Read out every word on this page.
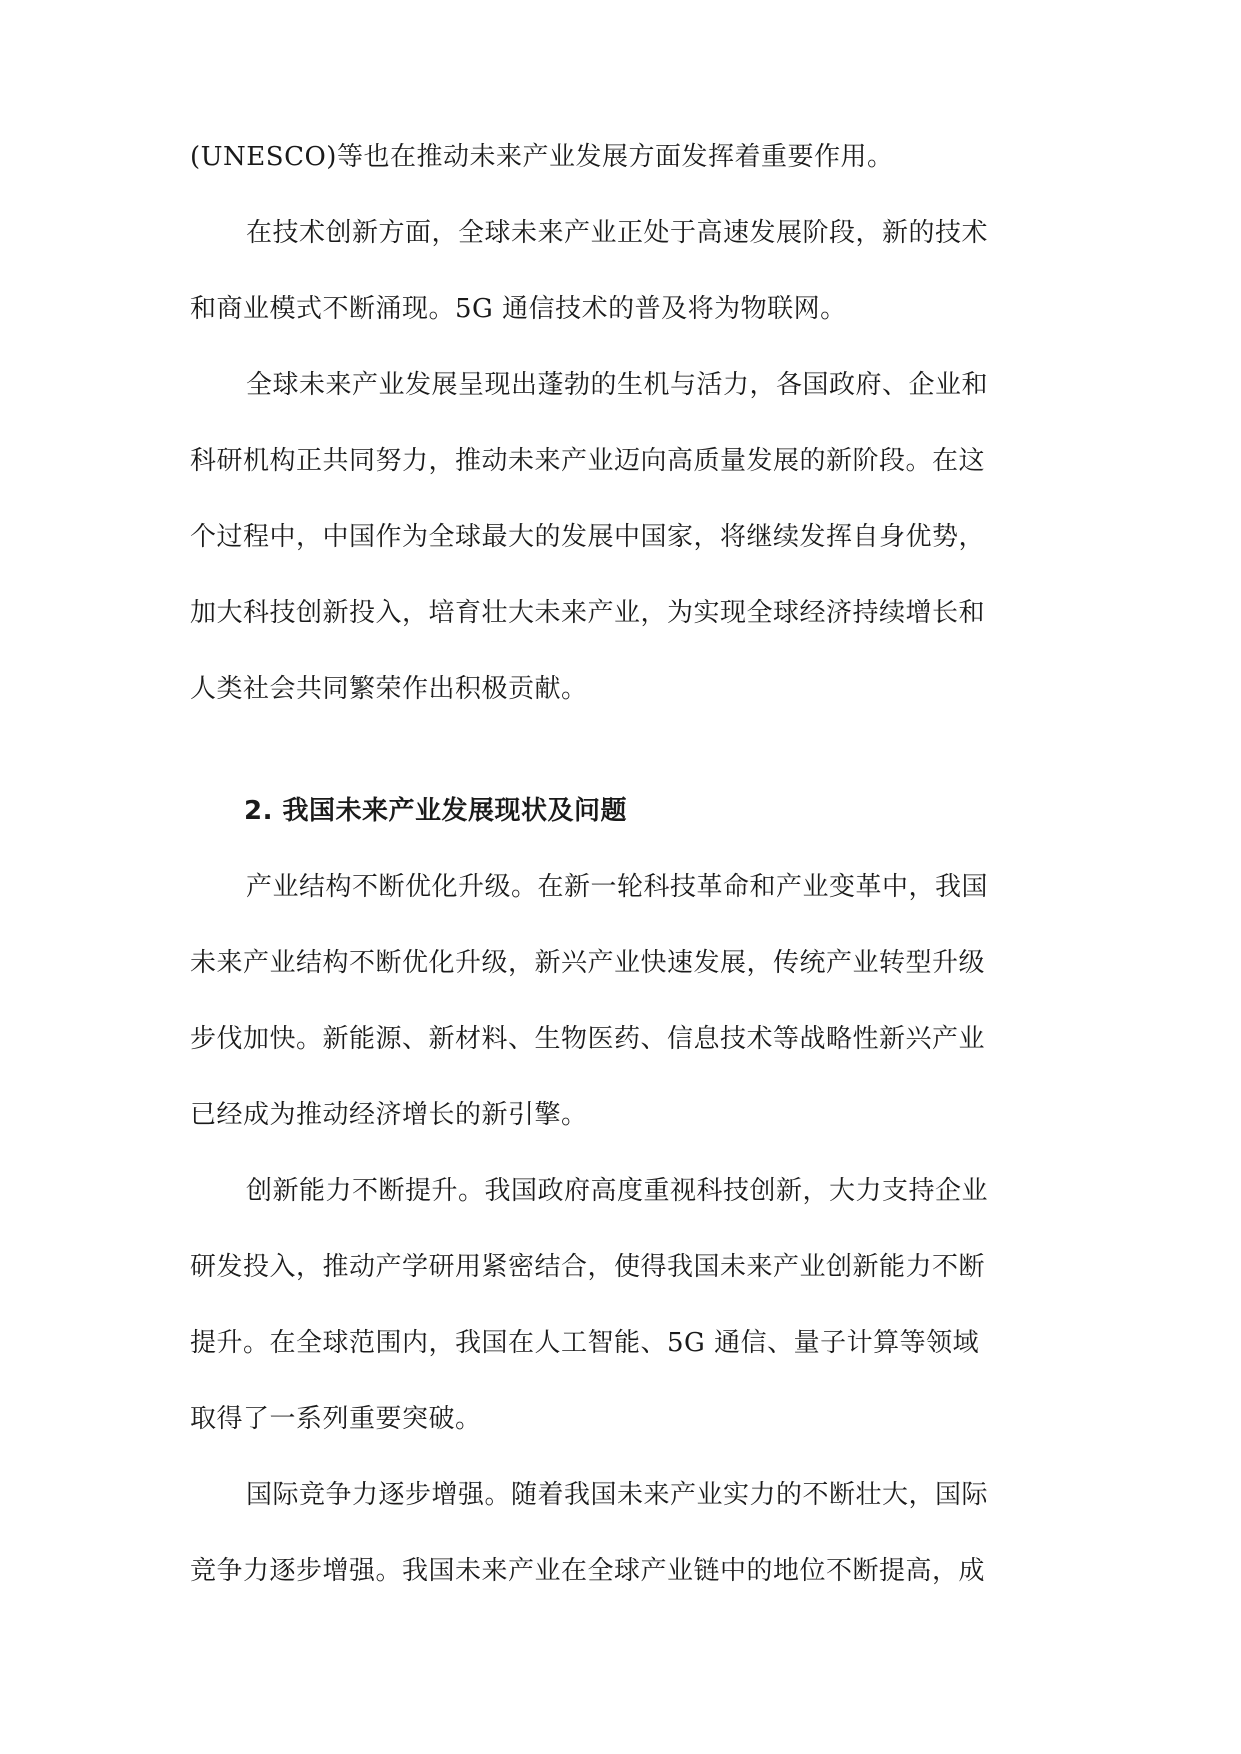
(UNESCO)等也在推动未来产业发展方面发挥着重要作用。
在技术创新方面，全球未来产业正处于高速发展阶段，新的技术
和商业模式不断涌现。5G 通信技术的普及将为物联网。
全球未来产业发展呈现出蓬勃的生机与活力，各国政府、企业和
科研机构正共同努力，推动未来产业迈向高质量发展的新阶段。在这
个过程中，中国作为全球最大的发展中国家，将继续发挥自身优势，
加大科技创新投入，培育壮大未来产业，为实现全球经济持续增长和
人类社会共同繁荣作出积极贡献。
2. 我国未来产业发展现状及问题
产业结构不断优化升级。在新一轮科技革命和产业变革中，我国
未来产业结构不断优化升级，新兴产业快速发展，传统产业转型升级
步伐加快。新能源、新材料、生物医药、信息技术等战略性新兴产业
已经成为推动经济增长的新引擎。
创新能力不断提升。我国政府高度重视科技创新，大力支持企业
研发投入，推动产学研用紧密结合，使得我国未来产业创新能力不断
提升。在全球范围内，我国在人工智能、5G 通信、量子计算等领域
取得了一系列重要突破。
国际竞争力逐步增强。随着我国未来产业实力的不断壮大，国际
竞争力逐步增强。我国未来产业在全球产业链中的地位不断提高，成
